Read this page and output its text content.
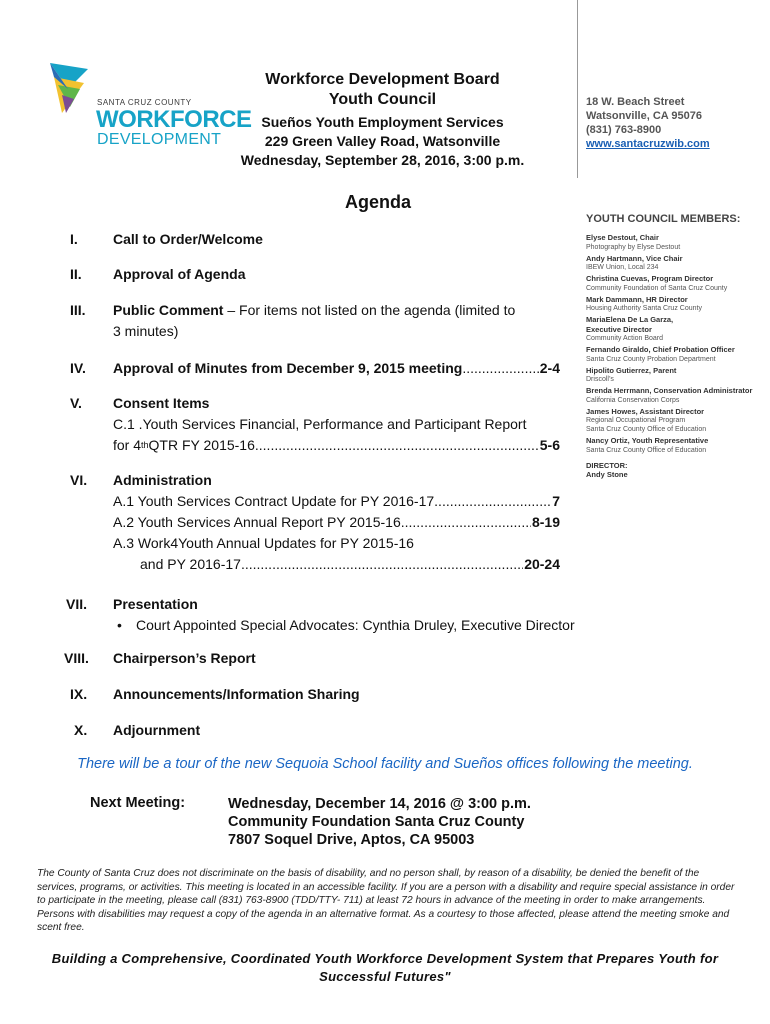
SANTA CRUZ COUNTY
WORKFORCE
DEVELOPMENT
Workforce Development Board
Youth Council
Sueños Youth Employment Services
229 Green Valley Road, Watsonville
Wednesday, September 28, 2016, 3:00 p.m.
18 W. Beach Street
Watsonville, CA 95076
(831) 763-8900
www.santacruzwib.com
Agenda
I.	Call to Order/Welcome
II.	Approval of Agenda
III.	Public Comment – For items not listed on the agenda (limited to
3 minutes)
IV.	Approval of Minutes from December 9, 2015 meeting .....	2-4
V.	Consent Items
C.1 .Youth Services Financial, Performance and Participant Report
for 4 th QTR FY 2015-16 .....	5-6
VI.	Administration
A.1 Youth Services Contract Update for PY 2016-17 .....	7
A.2 Youth Services Annual Report PY 2015-16 .....	8-19
A.3 Work4Youth Annual Updates for PY 2015-16
and PY 2016-17 .....	20-24
VII.	Presentation
• Court Appointed Special Advocates: Cynthia Druley, Executive Director
VIII.	Chairperson’s Report
IX.	Announcements/Information Sharing
X.	Adjournment
YOUTH COUNCIL MEMBERS:
Elyse Destout, Chair
Photography by Elyse Destout
Andy Hartmann, Vice Chair
IBEW Union, Local 234
Christina Cuevas, Program Director
Community Foundation of Santa Cruz County
Mark Dammann, HR Director
Housing Authority Santa Cruz County
MariaElena De La Garza,
Executive Director
Community Action Board
Fernando Giraldo, Chief Probation Officer
Santa Cruz County Probation Department
Hipolito Gutierrez, Parent
Driscoll’s
Brenda Herrmann, Conservation Administrator
California Conservation Corps
James Howes, Assistant Director
Regional Occupational Program
Santa Cruz County Office of Education
Nancy Ortiz, Youth Representative
Santa Cruz County Office of Education
DIRECTOR:
Andy Stone
There will be a tour of the new Sequoia School facility and Sueños offices following the meeting.
Next Meeting:	Wednesday, December 14, 2016 @ 3:00 p.m.
Community Foundation Santa Cruz County
7807 Soquel Drive, Aptos, CA 95003
The County of Santa Cruz does not discriminate on the basis of disability, and no person shall, by reason of a disability, be denied the benefit of the services, programs, or activities. This meeting is located in an accessible facility. If you are a person with a disability and require special assistance in order to participate in the meeting, please call (831) 763-8900 (TDD/TTY- 711) at least 72 hours in advance of the meeting in order to make arrangements. Persons with disabilities may request a copy of the agenda in an alternative format. As a courtesy to those affected, please attend the meeting smoke and scent free.
Building a Comprehensive, Coordinated Youth Workforce Development System that Prepares Youth for
Successful Futures"
